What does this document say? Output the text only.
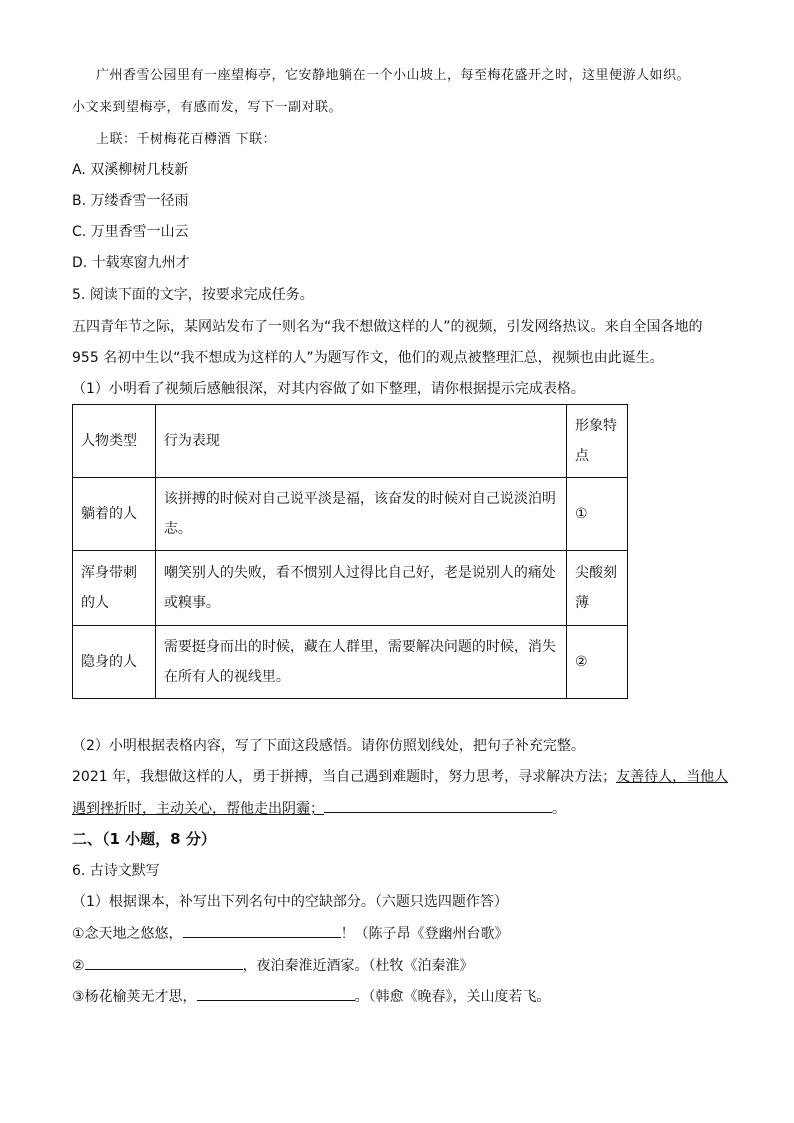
广州香雪公园里有一座望梅亭，它安静地躺在一个小山坡上，每至梅花盛开之时，这里便游人如织。
小文来到望梅亭，有感而发，写下一副对联。
上联：千树梅花百樽酒 下联：
A. 双溪柳树几枝新
B. 万缕香雪一径雨
C. 万里香雪一山云
D. 十载寒窗九州才
5. 阅读下面的文字，按要求完成任务。
五四青年节之际，某网站发布了一则名为“我不想做这样的人”的视频，引发网络热议。来自全国各地的
955 名初中生以“我不想成为这样的人”为题写作文，他们的观点被整理汇总，视频也由此诞生。
（1）小明看了视频后感触很深，对其内容做了如下整理，请你根据提示完成表格。
人物类型	行为表现	形象特点
躺着的人	该拼搏的时候对自己说平淡是福，该奋发的时候对自己说淡泊明志。	①
浑身带刺的人	嘲笑别人的失败，看不惯别人过得比自己好，老是说别人的痛处或糗事。	尖酸刻薄
隐身的人	需要挺身而出的时候，藏在人群里，需要解决问题的时候，消失在所有人的视线里。	②
（2）小明根据表格内容，写了下面这段感悟。请你仿照划线处，把句子补充完整。
2021 年，我想做这样的人，勇于拼搏，当自己遇到难题时，努力思考，寻求解决方法；友善待人，当他人
遇到挫折时，主动关心，帮他走出阴霾；	。
二、（1 小题，8 分）
6. 古诗文默写
（1）根据课本，补写出下列名句中的空缺部分。（六题只选四题作答）
①念天地之悠悠，	！（陈子昂《登幽州台歌》
②	，夜泊秦淮近酒家。（杜牧《泊秦淮》
③杨花榆荚无才思，	。（韩愈《晚春》，关山度若飞。
